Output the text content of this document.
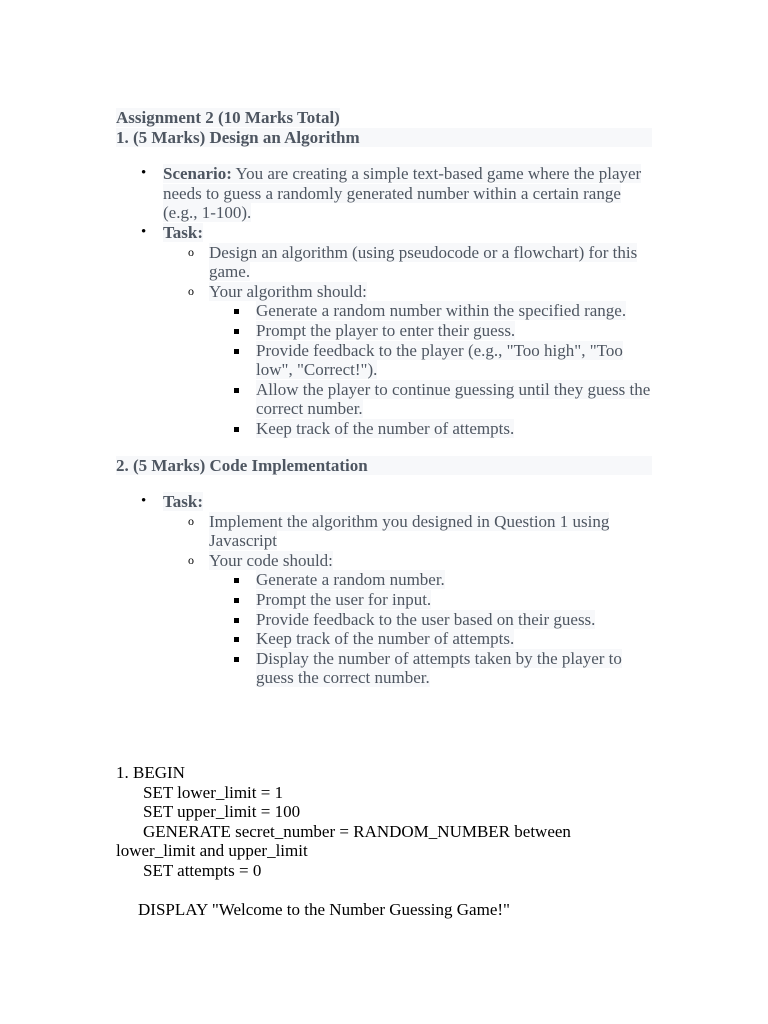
Assignment 2 (10 Marks Total)
1. (5 Marks) Design an Algorithm
• Scenario: You are creating a simple text-based game where the player needs to guess a randomly generated number within a certain range (e.g., 1-100).
• Task:
o Design an algorithm (using pseudocode or a flowchart) for this game.
o Your algorithm should:
Generate a random number within the specified range.
Prompt the player to enter their guess.
Provide feedback to the player (e.g., "Too high", "Too low", "Correct!").
Allow the player to continue guessing until they guess the correct number.
Keep track of the number of attempts.
2. (5 Marks) Code Implementation
• Task:
o Implement the algorithm you designed in Question 1 using Javascript
o Your code should:
Generate a random number.
Prompt the user for input.
Provide feedback to the user based on their guess.
Keep track of the number of attempts.
Display the number of attempts taken by the player to guess the correct number.
1. BEGIN
SET lower_limit = 1
SET upper_limit = 100
GENERATE secret_number = RANDOM_NUMBER between
lower_limit and upper_limit
SET attempts = 0
DISPLAY "Welcome to the Number Guessing Game!"
